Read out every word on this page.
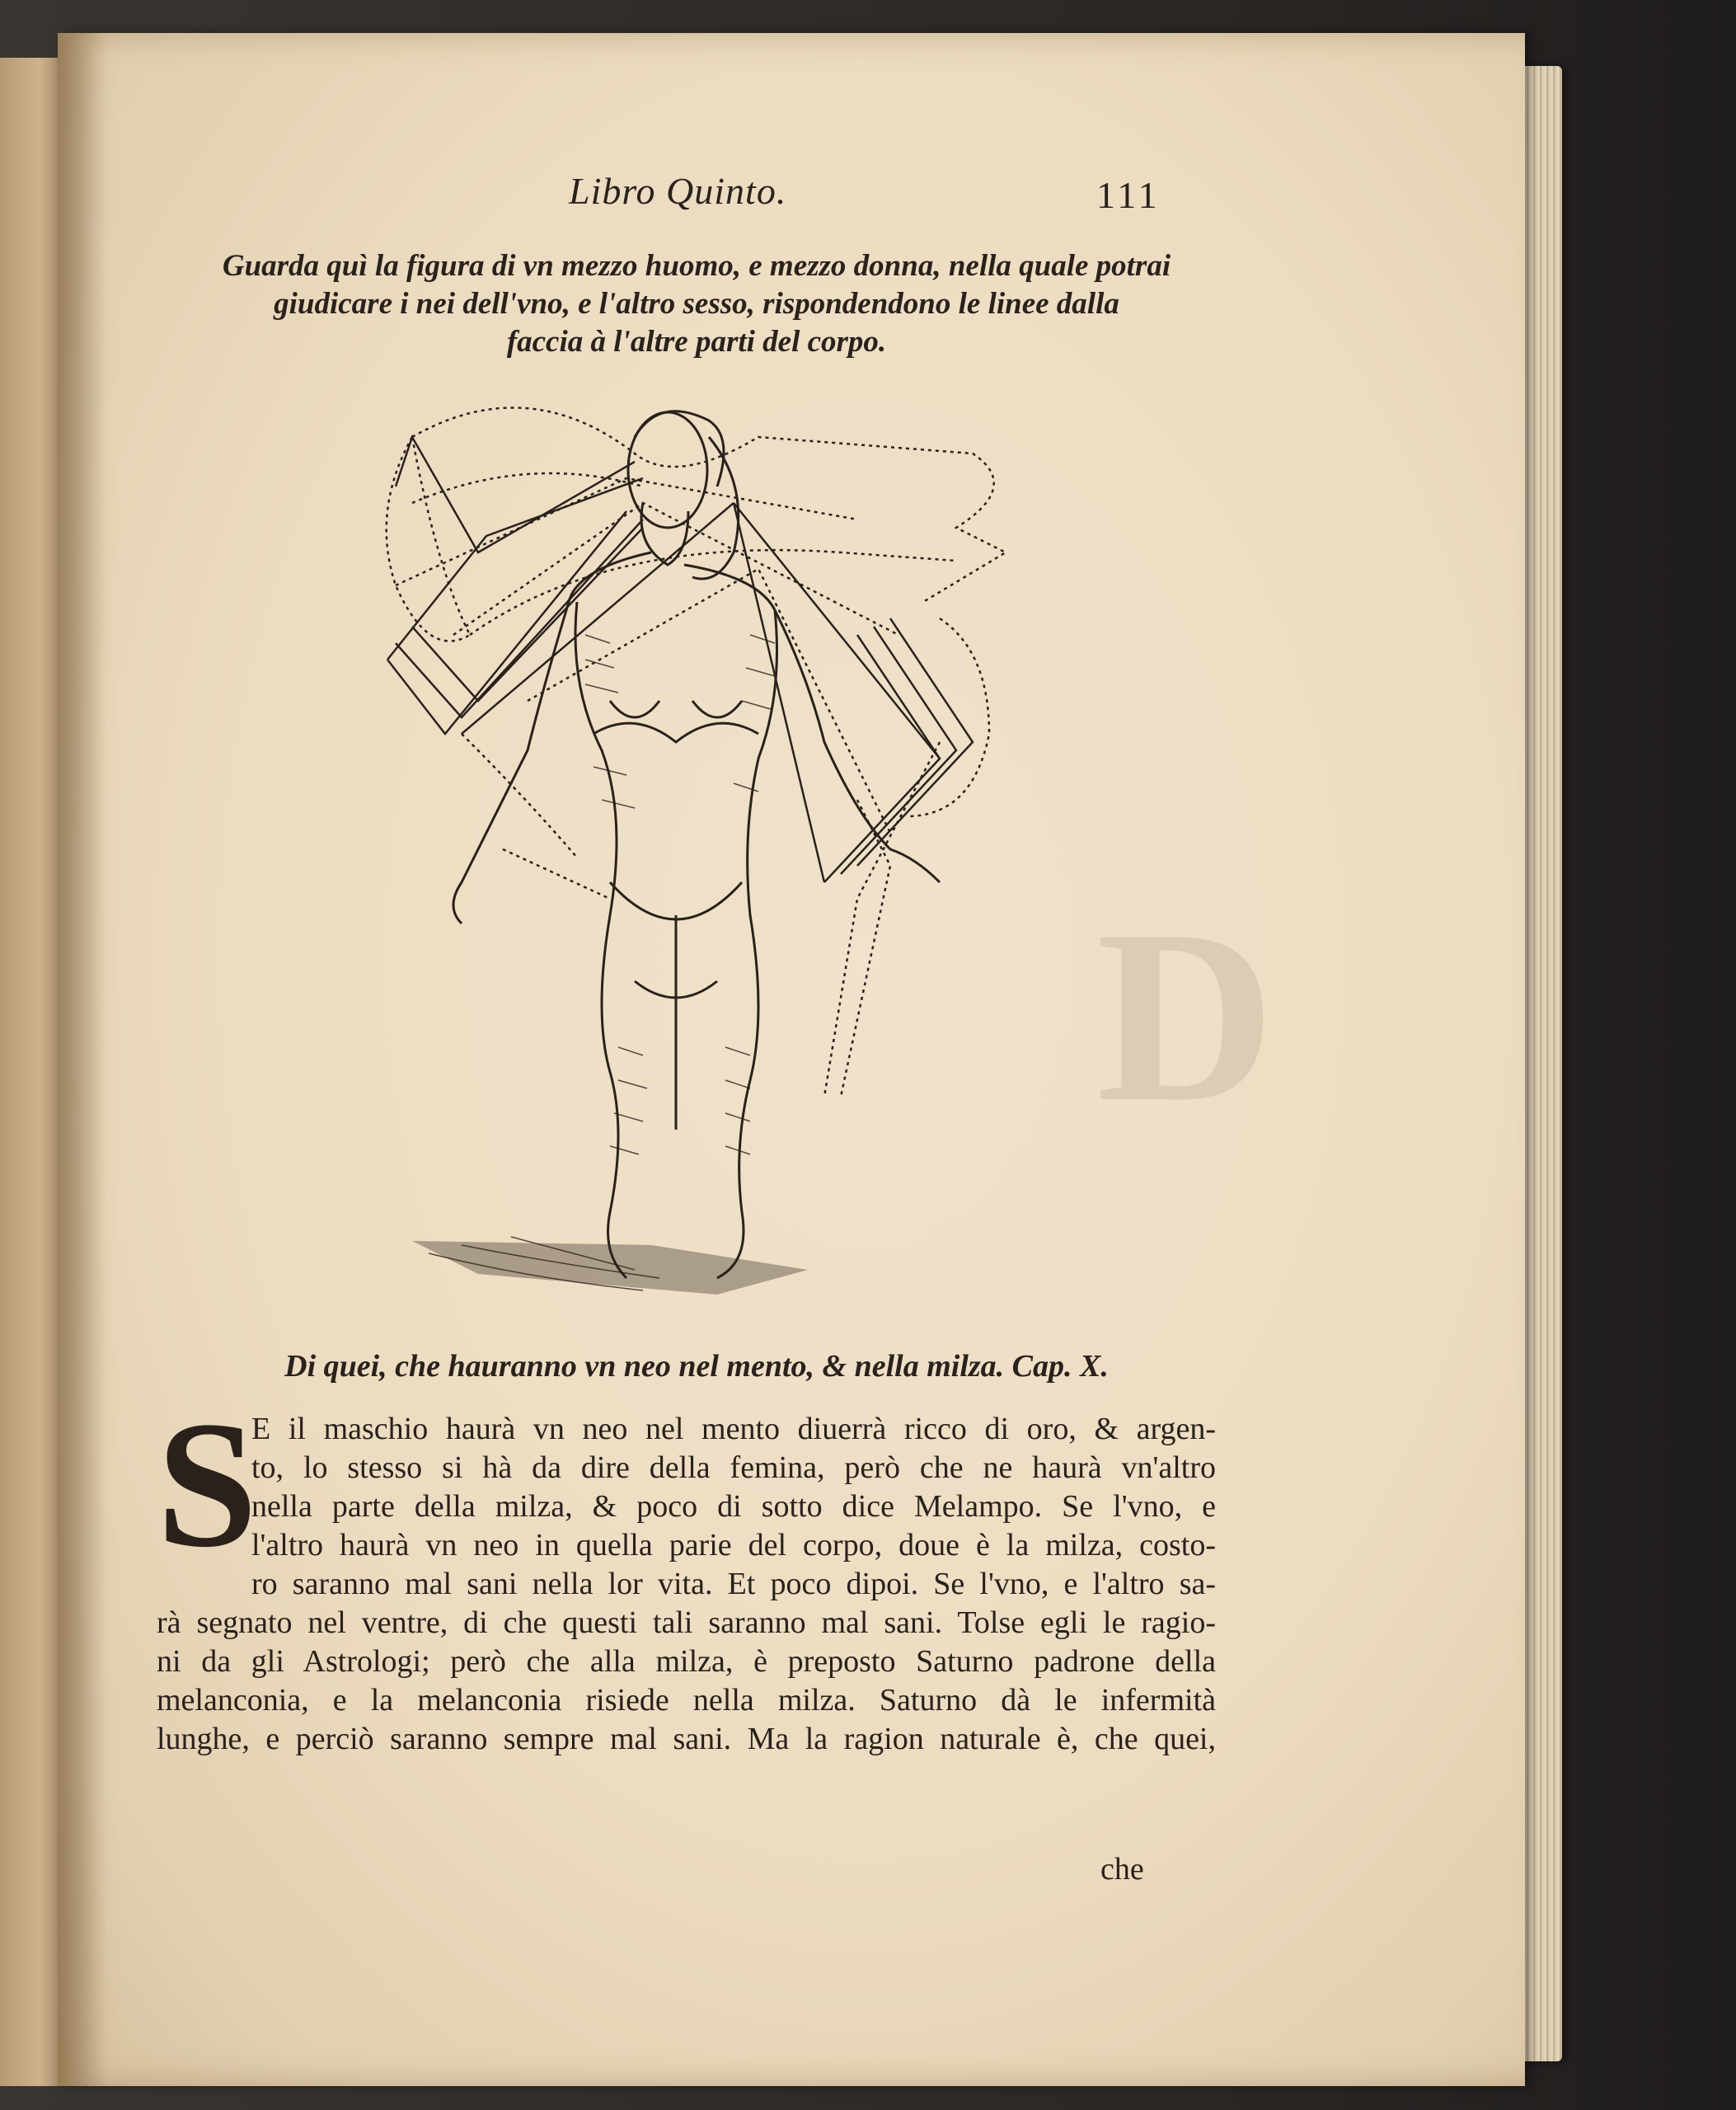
Libro Quinto.	111
Guarda quì la figura di vn mezzo huomo, e mezzo donna, nella quale potrai
giudicare i nei dell'vno, e l'altro sesso, rispondendono le linee dalla
faccia à l'altre parti del corpo.
D
Di quei, che hauranno vn neo nel mento, & nella milza. Cap. X.
S
E il maschio haurà vn neo nel mento diuerrà ricco di oro, & argen-
to, lo stesso si hà da dire della femina, però che ne haurà vn'altro
nella parte della milza, & poco di sotto dice Melampo. Se l'vno, e
l'altro haurà vn neo in quella parie del corpo, doue è la milza, costo-
ro saranno mal sani nella lor vita. Et poco dipoi. Se l'vno, e l'altro sa-
rà segnato nel ventre, di che questi tali saranno mal sani. Tolse egli le ragio-
ni da gli Astrologi; però che alla milza, è preposto Saturno padrone della
melanconia, e la melanconia risiede nella milza. Saturno dà le infermità
lunghe, e perciò saranno sempre mal sani. Ma la ragion naturale è, che quei,
che
